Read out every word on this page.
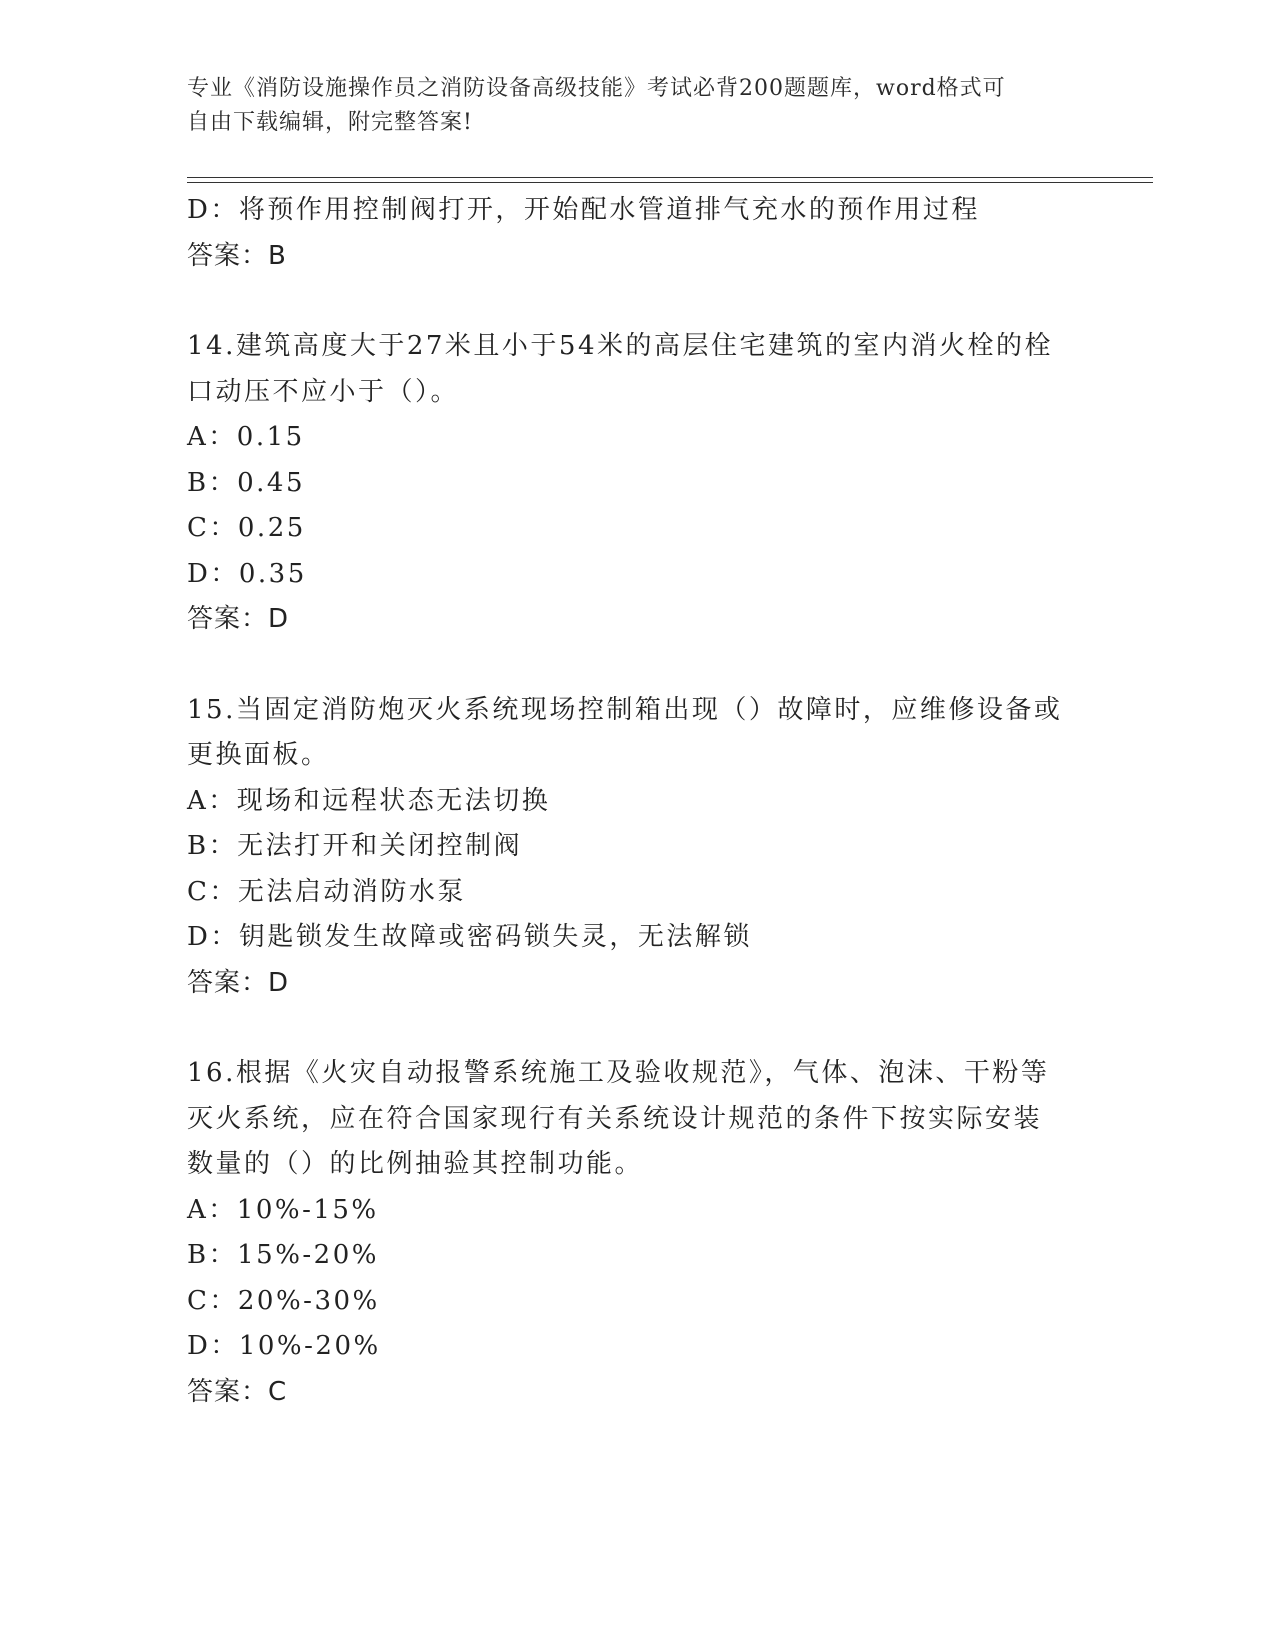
专业《消防设施操作员之消防设备高级技能》考试必背200题题库，word格式可
自由下载编辑，附完整答案!

D：将预作用控制阀打开，开始配水管道排气充水的预作用过程

答案：B

14.建筑高度大于27米且小于54米的高层住宅建筑的室内消火栓的栓

口动压不应小于（）。

A：0.15

B：0.45

C：0.25

D：0.35

答案：D

15.当固定消防炮灭火系统现场控制箱出现（）故障时，应维修设备或

更换面板。

A：现场和远程状态无法切换

B：无法打开和关闭控制阀

C：无法启动消防水泵

D：钥匙锁发生故障或密码锁失灵，无法解锁

答案：D

16.根据《火灾自动报警系统施工及验收规范》，气体、泡沫、干粉等

灭火系统，应在符合国家现行有关系统设计规范的条件下按实际安装

数量的（）的比例抽验其控制功能。

A：10%-15%

B：15%-20%

C：20%-30%

D：10%-20%

答案：C
